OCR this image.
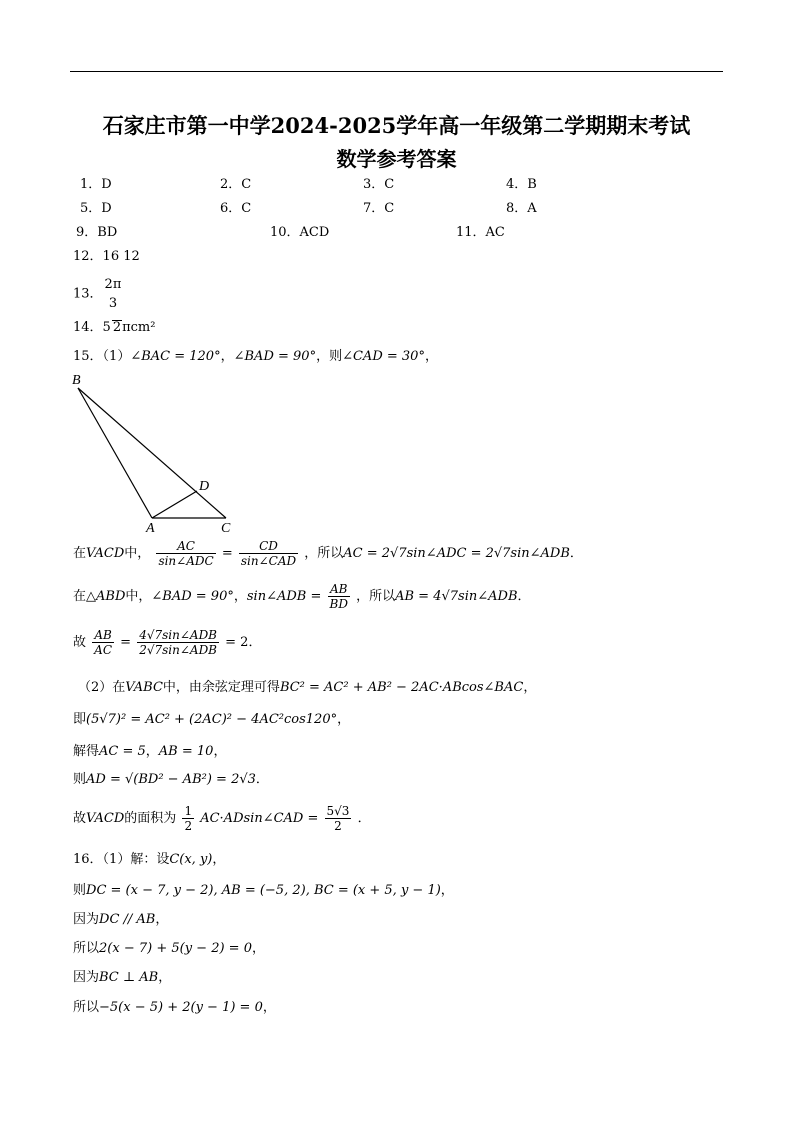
石家庄市第一中学2024-2025学年高一年级第二学期期末考试
数学参考答案
1．D	2．C	3．C	4．B
5．D	6．C	7．C	8．A
9．BD	10．ACD	11．AC
12．16 12
13．
2π
3
14．5 2πcm²
15．（1）∠BAC = 120°，∠BAD = 90°，则∠CAD = 30°，
B
D
A	C
在VACD中， $\frac{AC}{\text{sin∠ADC}} = \frac{CD}{\text{sin∠CAD}}$ ，所以AC = 2√7sin∠ADC = 2√7sin∠ADB．
在△ABD中，∠BAD = 90°，sin∠ADB = $\frac{AB}{BD}$ ，所以AB = 4√7sin∠ADB．
故 $\frac{AB}{AC} = \frac{\text{4√7sin∠ADB}}{\text{2√7sin∠ADB}} = 2$．
（2）在VABC中，由余弦定理可得BC² = AC² + AB² − 2AC·ABcos∠BAC，
即(5√7)² = AC² + (2AC)² − 4AC²cos120°，
解得AC = 5，AB = 10，
则AD = √(BD² − AB²) = 2√3．
故VACD的面积为 $\frac{1}{2}$ AC·ADsin∠CAD = $\frac{5√3}{2}$ ．
16．（1）解：设C(x, y)，
则DC = (x − 7, y − 2), AB = (−5, 2), BC = (x + 5, y − 1)，
因为DC // AB，
所以2(x − 7) + 5(y − 2) = 0，
因为BC ⊥ AB，
所以−5(x − 5) + 2(y − 1) = 0，
